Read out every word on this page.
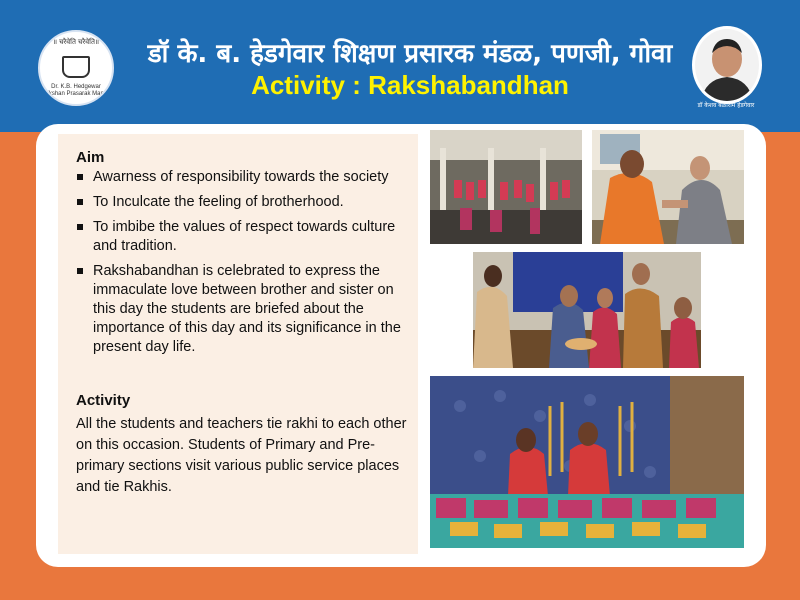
॥ चरैवेति चरैवेति॥
Dr. K.B. Hedgewar Shikshan Prasarak Mandal
डॉ के. ब. हेडगेवार शिक्षण प्रसारक मंडळ, पणजी, गोवा
Activity : Rakshabandhan
डॉ केशव बळीराम हेडगेवार
Aim
Awarness of responsibility towards the society
To Inculcate the feeling of brotherhood.
To imbibe the values of respect towards culture and tradition.
Rakshabandhan is celebrated to express the immaculate love between brother and sister on this day the students are briefed about the importance of this day and its significance in the present day life.
Activity
All the students and teachers tie rakhi to each other on this occasion. Students of Primary and Pre-primary sections visit various public service places and tie Rakhis.
